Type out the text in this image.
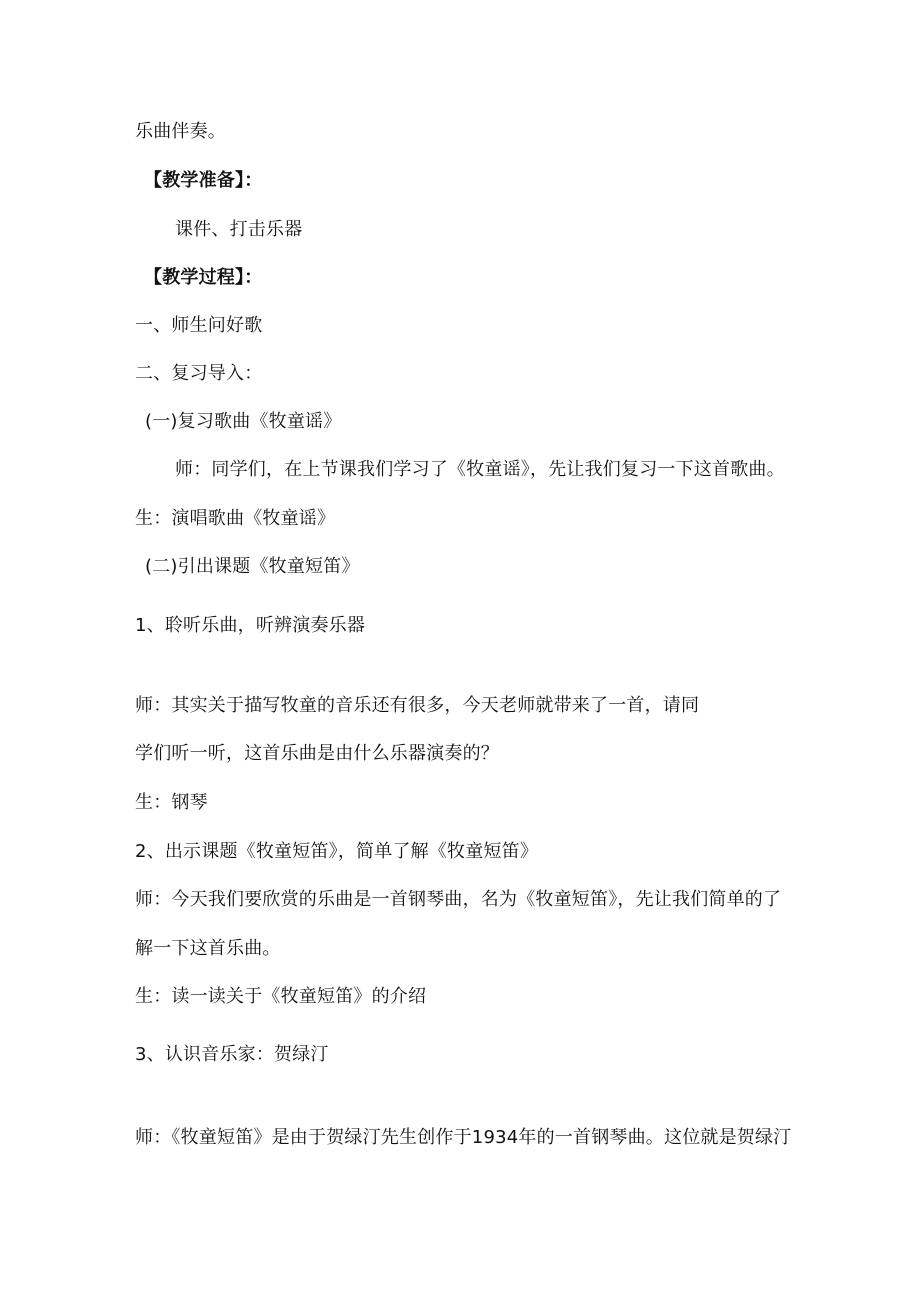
乐曲伴奏。
【教学准备】：
课件、打击乐器
【教学过程】：
一、师生问好歌
二、复习导入：
(一)复习歌曲《牧童谣》
师：同学们，在上节课我们学习了《牧童谣》，先让我们复习一下这首歌曲。
生：演唱歌曲《牧童谣》
(二)引出课题《牧童短笛》
1、聆听乐曲，听辨演奏乐器
师：其实关于描写牧童的音乐还有很多，今天老师就带来了一首，请同
学们听一听，这首乐曲是由什么乐器演奏的？
生：钢琴
2、出示课题《牧童短笛》，简单了解《牧童短笛》
师：今天我们要欣赏的乐曲是一首钢琴曲，名为《牧童短笛》，先让我们简单的了
解一下这首乐曲。
生：读一读关于《牧童短笛》的介绍
3、认识音乐家：贺绿汀
师：《牧童短笛》是由于贺绿汀先生创作于1934年的一首钢琴曲。这位就是贺绿汀
